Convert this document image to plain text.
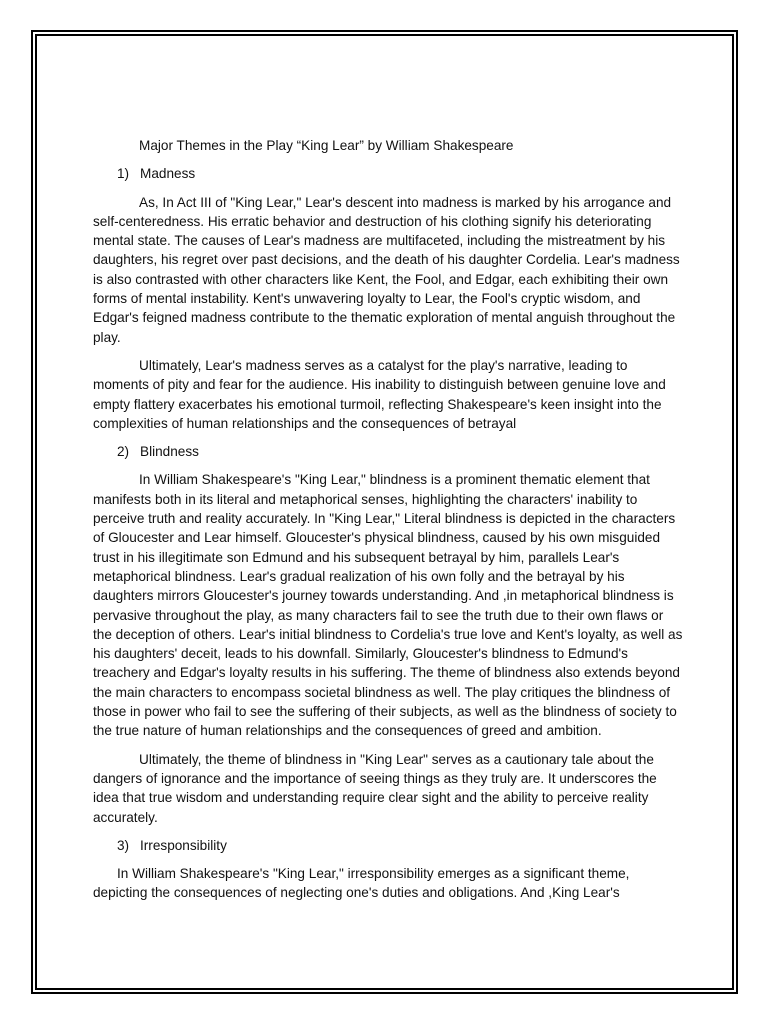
Major Themes in the Play “King Lear” by William Shakespeare
1) Madness

As, In Act III of "King Lear," Lear's descent into madness is marked by his arrogance and self-centeredness. His erratic behavior and destruction of his clothing signify his deteriorating mental state. The causes of Lear's madness are multifaceted, including the mistreatment by his daughters, his regret over past decisions, and the death of his daughter Cordelia. Lear's madness is also contrasted with other characters like Kent, the Fool, and Edgar, each exhibiting their own forms of mental instability. Kent's unwavering loyalty to Lear, the Fool's cryptic wisdom, and Edgar's feigned madness contribute to the thematic exploration of mental anguish throughout the play.

Ultimately, Lear's madness serves as a catalyst for the play's narrative, leading to moments of pity and fear for the audience. His inability to distinguish between genuine love and empty flattery exacerbates his emotional turmoil, reflecting Shakespeare's keen insight into the complexities of human relationships and the consequences of betrayal

2) Blindness

In William Shakespeare's "King Lear," blindness is a prominent thematic element that manifests both in its literal and metaphorical senses, highlighting the characters' inability to perceive truth and reality accurately. In "King Lear," Literal blindness is depicted in the characters of Gloucester and Lear himself. Gloucester's physical blindness, caused by his own misguided trust in his illegitimate son Edmund and his subsequent betrayal by him, parallels Lear's metaphorical blindness. Lear's gradual realization of his own folly and the betrayal by his daughters mirrors Gloucester's journey towards understanding. And ,in metaphorical blindness is pervasive throughout the play, as many characters fail to see the truth due to their own flaws or the deception of others. Lear's initial blindness to Cordelia's true love and Kent's loyalty, as well as his daughters' deceit, leads to his downfall. Similarly, Gloucester's blindness to Edmund's treachery and Edgar's loyalty results in his suffering. The theme of blindness also extends beyond the main characters to encompass societal blindness as well. The play critiques the blindness of those in power who fail to see the suffering of their subjects, as well as the blindness of society to the true nature of human relationships and the consequences of greed and ambition.

Ultimately, the theme of blindness in "King Lear" serves as a cautionary tale about the dangers of ignorance and the importance of seeing things as they truly are. It underscores the idea that true wisdom and understanding require clear sight and the ability to perceive reality accurately.

3) Irresponsibility

In William Shakespeare's "King Lear," irresponsibility emerges as a significant theme, depicting the consequences of neglecting one's duties and obligations. And ,King Lear's
